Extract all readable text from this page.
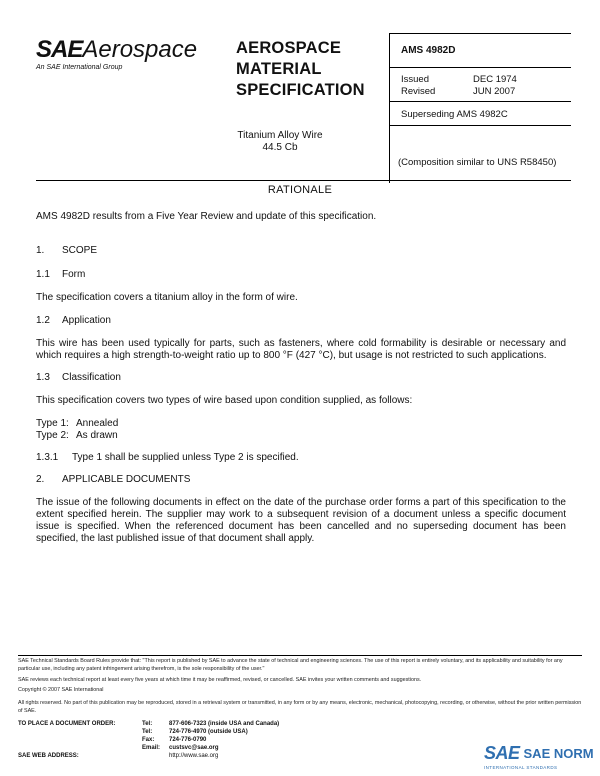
SAEAerospace
An SAE International Group
AEROSPACE
MATERIAL
SPECIFICATION
AMS 4982D
Issued	DEC 1974
Revised	JUN 2007
Superseding AMS 4982C
Titanium Alloy Wire
44.5 Cb
(Composition similar to UNS R58450)
RATIONALE
AMS 4982D results from a Five Year Review and update of this specification.
1. SCOPE
1.1 Form
The specification covers a titanium alloy in the form of wire.
1.2 Application
This wire has been used typically for parts, such as fasteners, where cold formability is desirable or necessary and which requires a high strength-to-weight ratio up to 800 °F (427 °C), but usage is not restricted to such applications.
1.3 Classification
This specification covers two types of wire based upon condition supplied, as follows:
Type 1: Annealed
Type 2: As drawn
1.3.1 Type 1 shall be supplied unless Type 2 is specified.
2. APPLICABLE DOCUMENTS
The issue of the following documents in effect on the date of the purchase order forms a part of this specification to the extent specified herein. The supplier may work to a subsequent revision of a document unless a specific document issue is specified. When the referenced document has been cancelled and no superseding document has been specified, the last published issue of that document shall apply.
SAE Technical Standards Board Rules provide that: "This report is published by SAE to advance the state of technical and engineering sciences. The use of this report is entirely voluntary, and its applicability and suitability for any particular use, including any patent infringement arising therefrom, is the sole responsibility of the user."
SAE reviews each technical report at least every five years at which time it may be reaffirmed, revised, or cancelled. SAE invites your written comments and suggestions.
Copyright © 2007 SAE International
All rights reserved. No part of this publication may be reproduced, stored in a retrieval system or transmitted, in any form or by any means, electronic, mechanical, photocopying, recording, or otherwise, without the prior written permission of SAE.
TO PLACE A DOCUMENT ORDER:	Tel:	877-606-7323 (inside USA and Canada)
Tel:	724-776-4970 (outside USA)
Fax:	724-776-0790
Email:	custsvc@sae.org
SAE WEB ADDRESS:	http://www.sae.org	SAE SAE NORM
INTERNATIONAL STANDARDS
